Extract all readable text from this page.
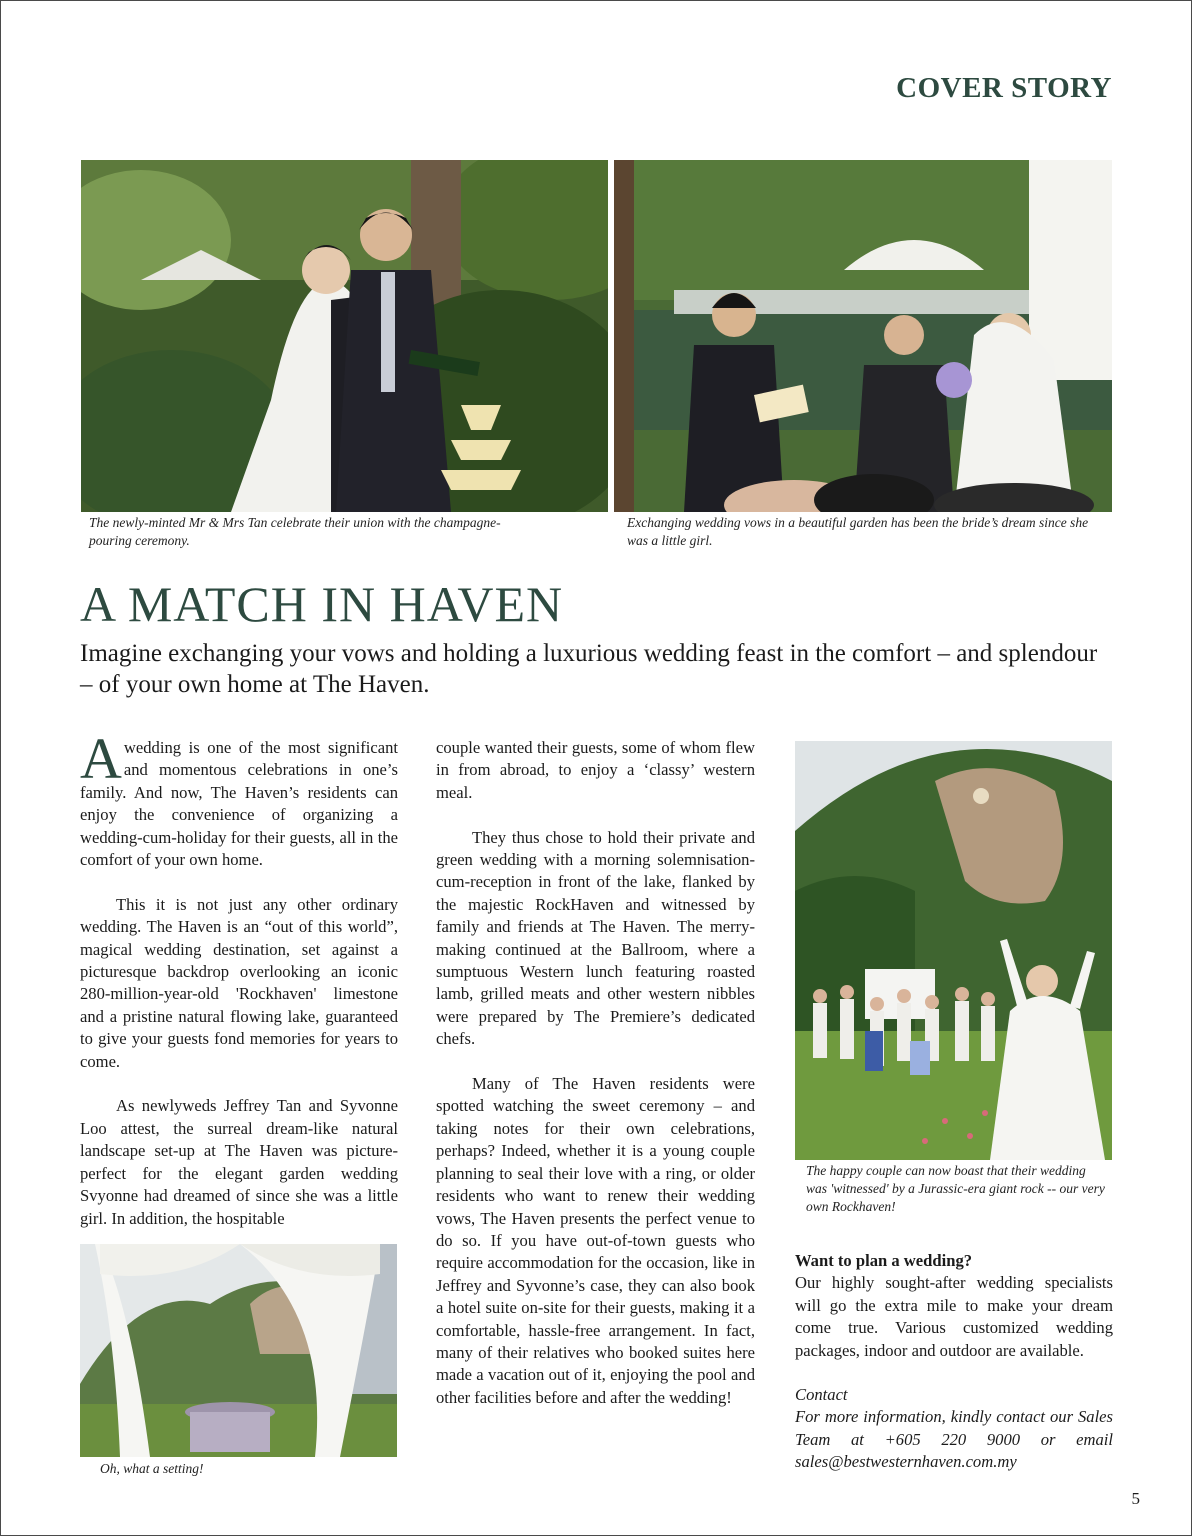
COVER STORY
The newly-minted Mr & Mrs Tan celebrate their union with the champagne-pouring ceremony.
Exchanging wedding vows in a beautiful garden has been the bride’s dream since she was a little girl.
A MATCH IN HAVEN
Imagine exchanging your vows and holding a luxurious wedding feast in the comfort – and splendour – of your own home at The Haven.

A wedding is one of the most significant and momentous celebrations in one’s family. And now, The Haven’s residents can enjoy the convenience of organizing a wedding-cum-holiday for their guests, all in the comfort of your own home.

This it is not just any other ordinary wedding. The Haven is an “out of this world”, magical wedding destination, set against a picturesque backdrop overlooking an iconic 280-million-year-old 'Rockhaven' limestone and a pristine natural flowing lake, guaranteed to give your guests fond memories for years to come.

As newlyweds Jeffrey Tan and Syvonne Loo attest, the surreal dream-like natural landscape set-up at The Haven was picture-perfect for the elegant garden wedding Svyonne had dreamed of since she was a little girl. In addition, the hospitable

Oh, what a setting!

couple wanted their guests, some of whom flew in from abroad, to enjoy a ‘classy’ western meal.

They thus chose to hold their private and green wedding with a morning solemnisation-cum-reception in front of the lake, flanked by the majestic RockHaven and witnessed by family and friends at The Haven. The merry-making continued at the Ballroom, where a sumptuous Western lunch featuring roasted lamb, grilled meats and other western nibbles were prepared by The Premiere’s dedicated chefs.

Many of The Haven residents were spotted watching the sweet ceremony – and taking notes for their own celebrations, perhaps? Indeed, whether it is a young couple planning to seal their love with a ring, or older residents who want to renew their wedding vows, The Haven presents the perfect venue to do so. If you have out-of-town guests who require accommodation for the occasion, like in Jeffrey and Syvonne’s case, they can also book a hotel suite on-site for their guests, making it a comfortable, hassle-free arrangement. In fact, many of their relatives who booked suites here made a vacation out of it, enjoying the pool and other facilities before and after the wedding!

The happy couple can now boast that their wedding was 'witnessed' by a Jurassic-era giant rock -- our very own Rockhaven!
Want to plan a wedding?
Our highly sought-after wedding specialists will go the extra mile to make your dream come true. Various customized wedding packages, indoor and outdoor are available.
Contact
For more information, kindly contact our Sales Team at +605 220 9000 or email sales@bestwesternhaven.com.my
5
